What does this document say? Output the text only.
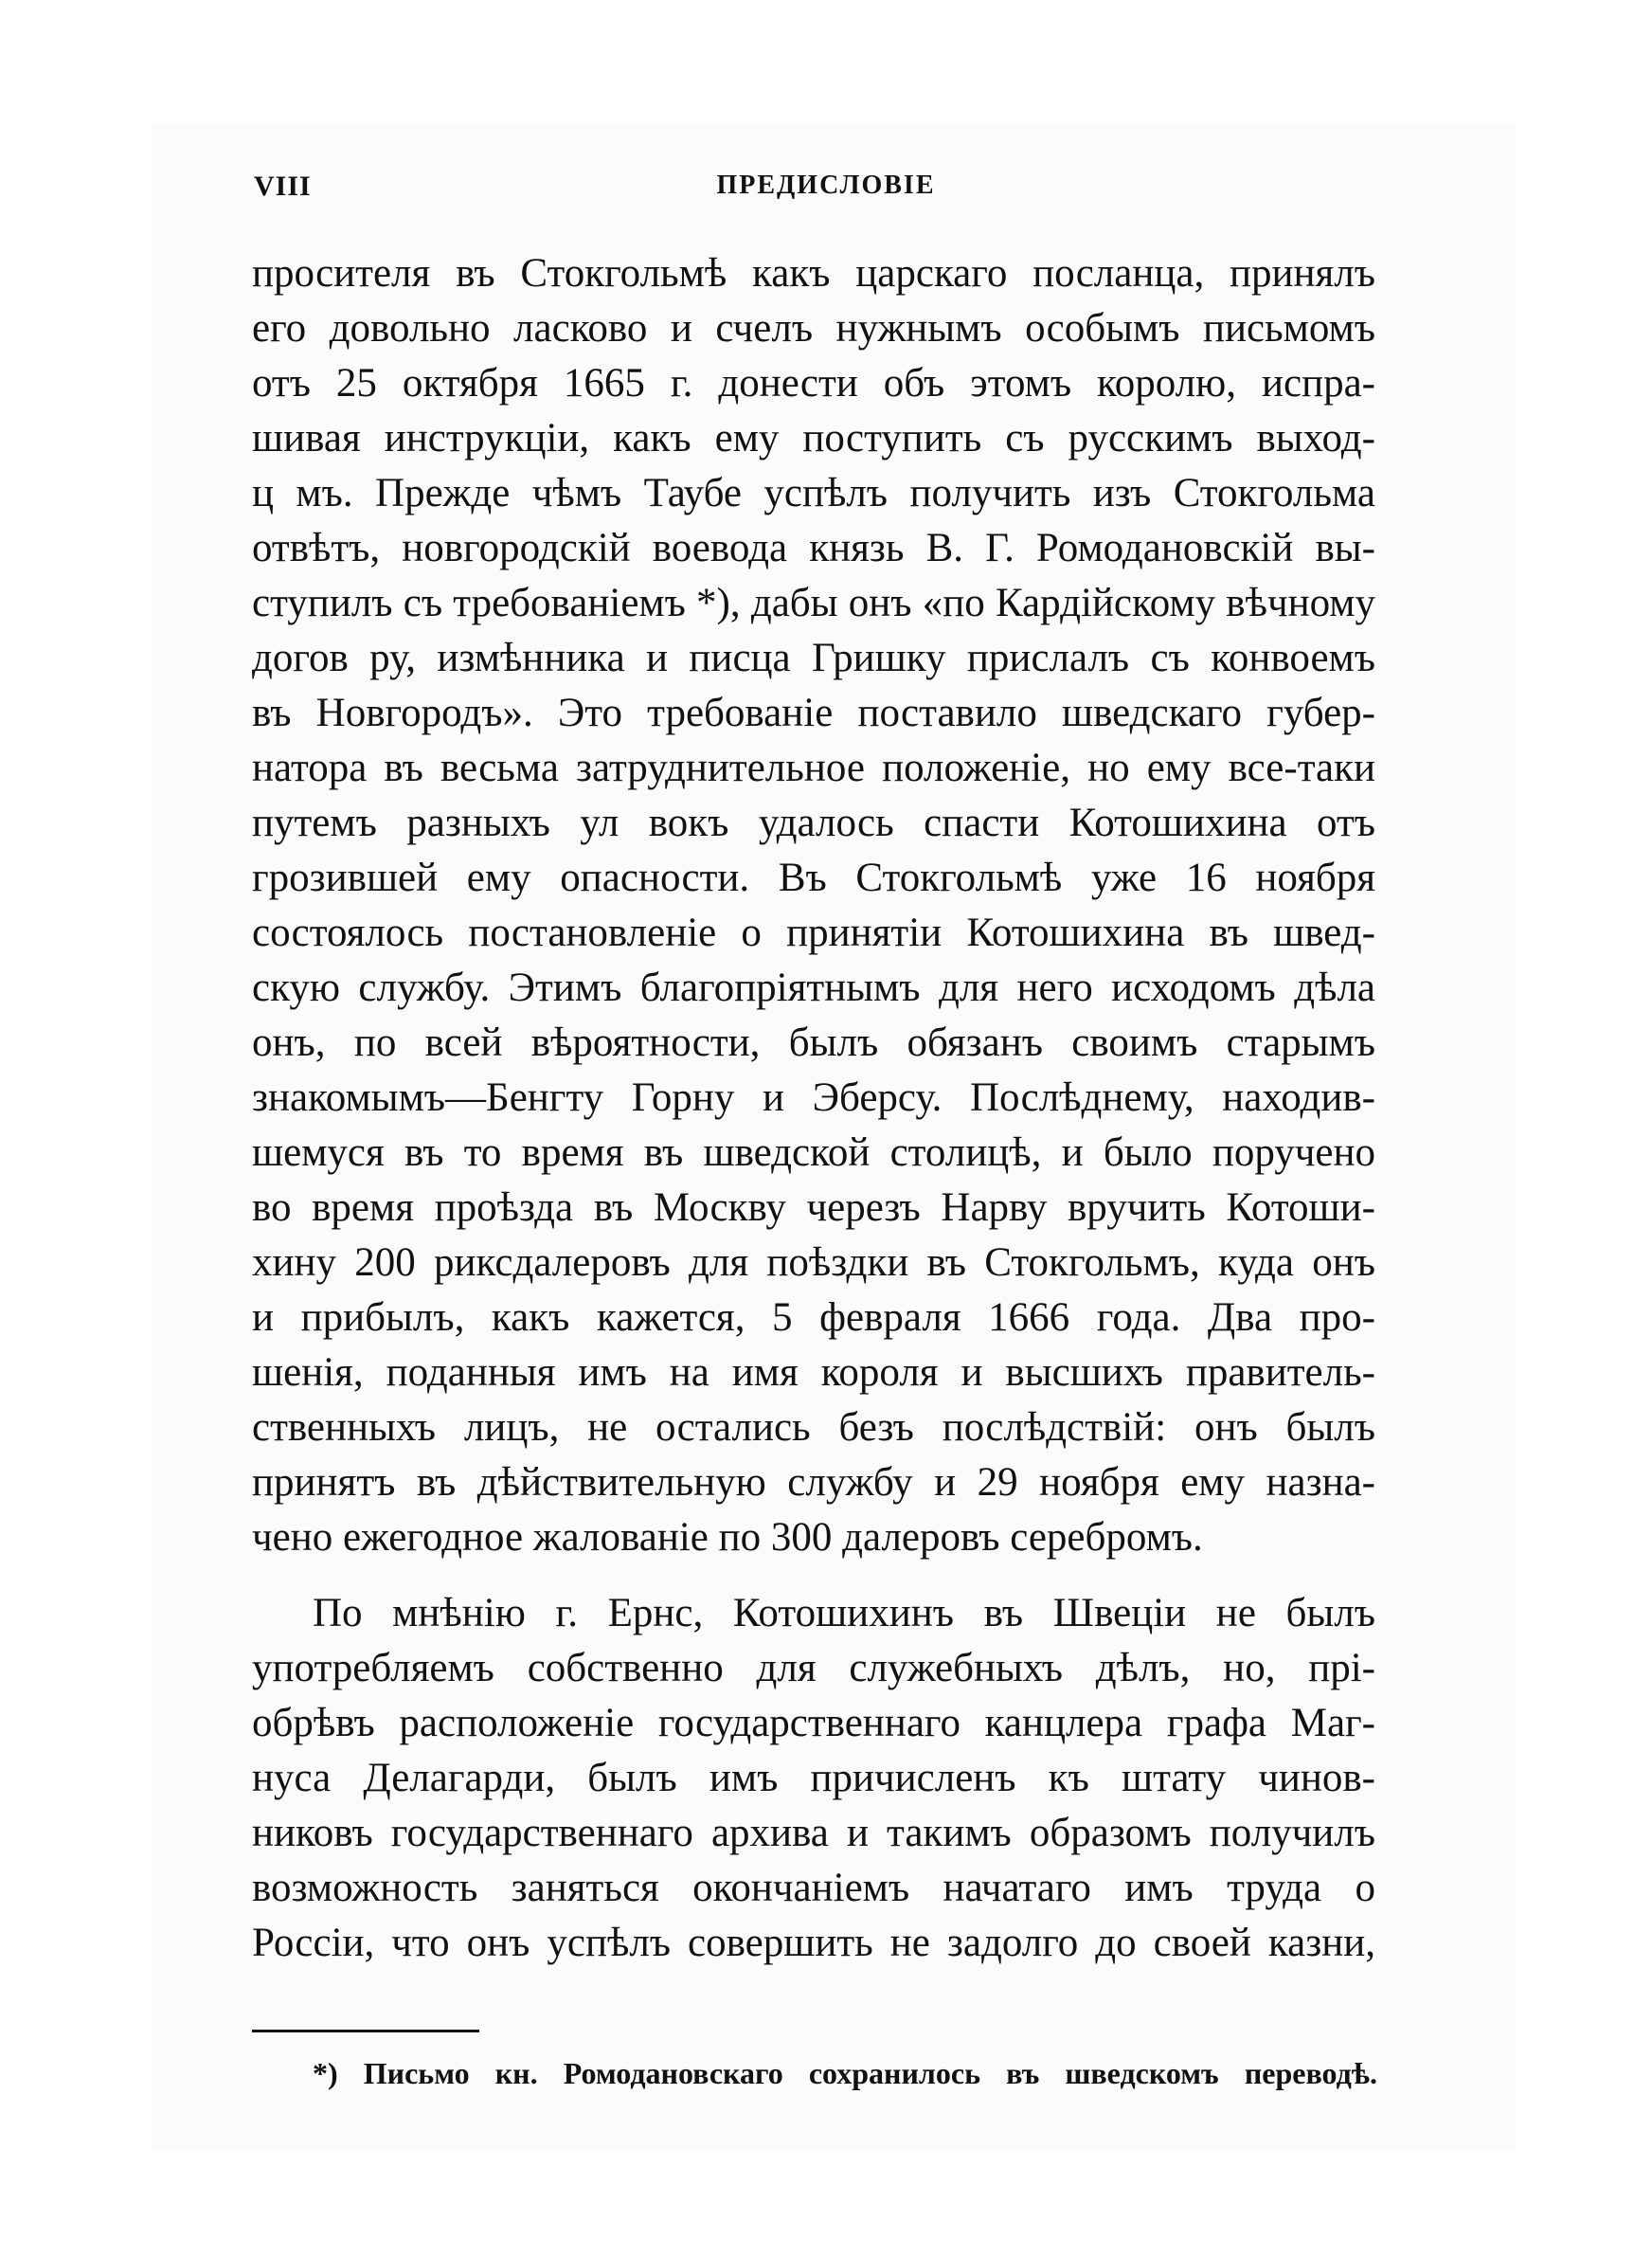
VIII	ПРЕДИСЛОВІЕ
просителя въ Стокгольмѣ какъ царскаго посланца, принялъ
его довольно ласково и счелъ нужнымъ особымъ письмомъ
отъ 25 октября 1665 г. донести объ этомъ королю, испра-
шивая инструкціи, какъ ему поступить съ русскимъ выход-
ц мъ. Прежде чѣмъ Таубе успѣлъ получить изъ Стокгольма
отвѣтъ, новгородскій воевода князь В. Г. Ромодановскій вы-
ступилъ съ требованіемъ *), дабы онъ «по Кардійскому вѣчному
догов ру, измѣнника и писца Гришку прислалъ съ конвоемъ
въ Новгородъ». Это требованіе поставило шведскаго губер-
натора въ весьма затруднительное положеніе, но ему все-таки
путемъ разныхъ ул вокъ удалось спасти Котошихина отъ
грозившей ему опасности. Въ Стокгольмѣ уже 16 ноября
состоялось постановленіе о принятіи Котошихина въ швед-
скую службу. Этимъ благопріятнымъ для него исходомъ дѣла
онъ, по всей вѣроятности, былъ обязанъ своимъ старымъ
знакомымъ—Бенгту Горну и Эберсу. Послѣднему, находив-
шемуся въ то время въ шведской столицѣ, и было поручено
во время проѣзда въ Москву черезъ Нарву вручить Котоши-
хину 200 риксдалеровъ для поѣздки въ Стокгольмъ, куда онъ
и прибылъ, какъ кажется, 5 февраля 1666 года. Два про-
шенія, поданныя имъ на имя короля и высшихъ правитель-
ственныхъ лицъ, не остались безъ послѣдствій: онъ былъ
принятъ въ дѣйствительную службу и 29 ноября ему назна-
чено ежегодное жалованіе по 300 далеровъ серебромъ.
По мнѣнію г. Ернс, Котошихинъ въ Швеціи не былъ
употребляемъ собственно для служебныхъ дѣлъ, но, прі-
обрѣвъ расположеніе государственнаго канцлера графа Маг-
нуса Делагарди, былъ имъ причисленъ къ штату чинов-
никовъ государственнаго архива и такимъ образомъ получилъ
возможность заняться окончаніемъ начатаго имъ труда о
Россіи, что онъ успѣлъ совершить не задолго до своей казни,
*) Письмо кн. Ромодановскаго сохранилось въ шведскомъ переводѣ.
